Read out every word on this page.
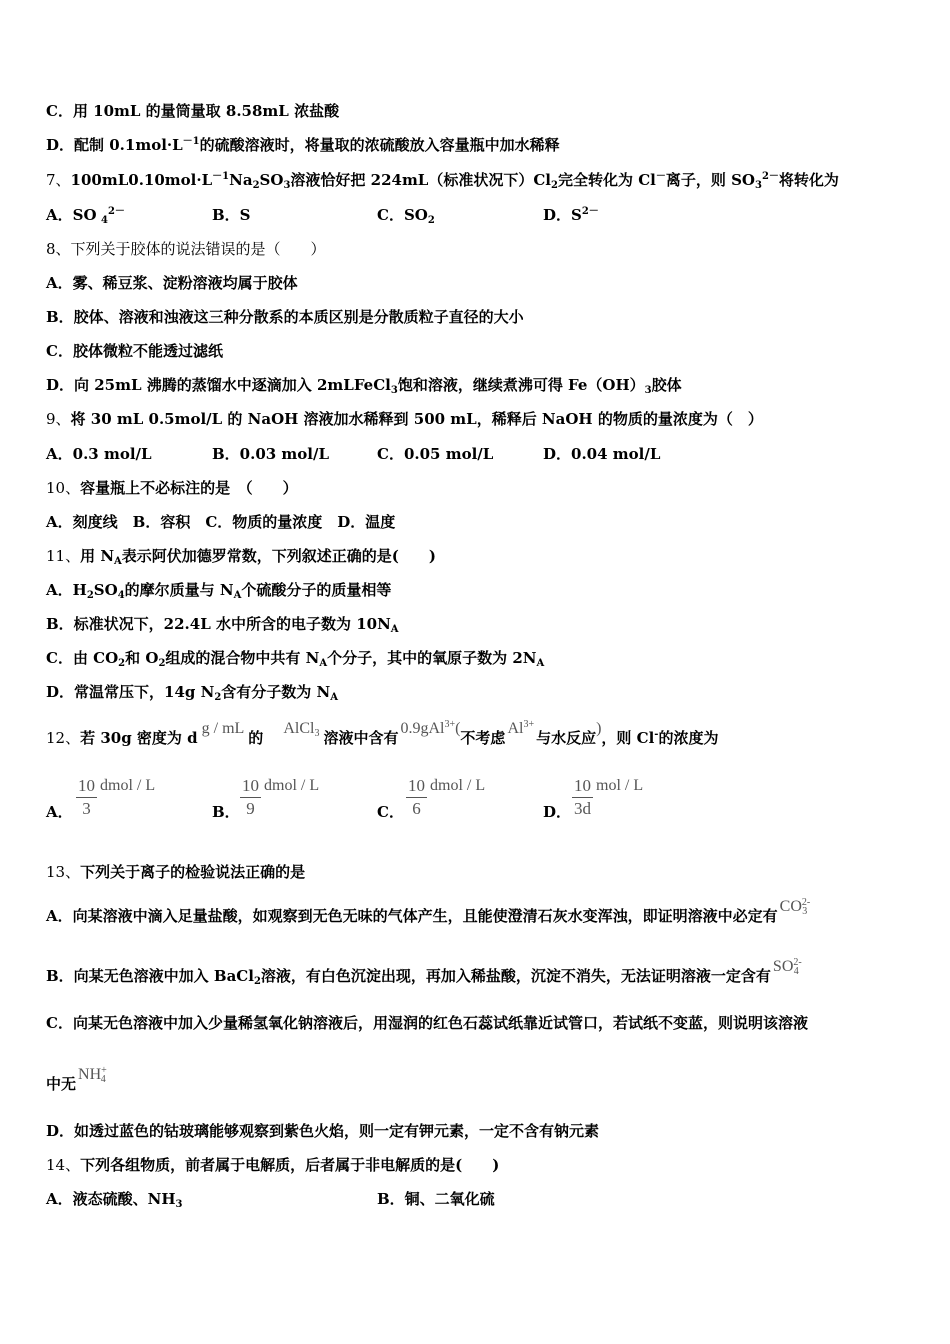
C．用 10mL 的量筒量取 8.58mL 浓盐酸
D．配制 $0.1mol\cdot L^{-1}$的硫酸溶液时，将量取的浓硫酸放入容量瓶中加水稀释
7、$100mL0.10mol\cdot L^{-1}Na_2SO_3$溶液恰好把 224mL（标准状况下）$Cl_2$完全转化为 Cl－离子，则 $SO_3^{2-}$将转化为
A．SO $_4^{2-}$	B．S	C．$SO_2$	D．$S^{2-}$
8、下列关于胶体的说法错误的是（　　）
A．雾、稀豆浆、淀粉溶液均属于胶体
B．胶体、溶液和浊液这三种分散系的本质区别是分散质粒子直径的大小
C．胶体微粒不能透过滤纸
D．向 25mL 沸腾的蒸馏水中逐滴加入 2mLFeCl$_3$饱和溶液，继续煮沸可得 $Fe(OH)_3$胶体
9、将 30 mL 0.5mol/L 的 NaOH 溶液加水稀释到 500 mL，稀释后 NaOH 的物质的量浓度为（　）
A．0.3 mol/L	B．0.03 mol/L	C．0.05 mol/L	D．0.04 mol/L
10、容量瓶上不必标注的是　（　　）
A．刻度线　B．容积　C．物质的量浓度　D．温度
11、用 $N_A$表示阿伏加德罗常数，下列叙述正确的是(　　)
A．$H_2SO_4$的摩尔质量与 $N_A$个硫酸分子的质量相等
B．标准状况下，22.4L 水中所含的电子数为 $10N_A$
C．由 $CO_2$和 $O_2$组成的混合物中共有 $N_A$个分子，其中的氧原子数为 $2N_A$
D．常温常压下，14g $N_2$含有分子数为 $N_A$
12、若 30g 密度为 dg / mL的AlCl$_3$ 溶液中含有0.9gAl$^{3+}$(不考虑$Al^{3+}$与水反应)，则 Cl-的浓度为
A． $\frac{10}{3}$ dmol / L
B． $\frac{10}{9}$ dmol / L
C． $\frac{10}{6}$ dmol / L
D． $\frac{10}{3d}$ mol / L
13、下列关于离子的检验说法正确的是
A．向某溶液中滴入足量盐酸，如观察到无色无味的气体产生，且能使澄清石灰水变浑浊，即证明溶液中必定有$CO^{2-}_3$
B．向某无色溶液中加入 BaCl$_2$溶液，有白色沉淀出现，再加入稀盐酸，沉淀不消失，无法证明溶液一定含有$SO^{2-}_4$
C．向某无色溶液中加入少量稀氢氧化钠溶液后，用湿润的红色石蕊试纸靠近试管口，若试纸不变蓝，则说明该溶液
中无$NH^+_4$
D．如透过蓝色的钴玻璃能够观察到紫色火焰，则一定有钾元素，一定不含有钠元素
14、下列各组物质，前者属于电解质，后者属于非电解质的是(　　)
A．液态硫酸、$NH_3$	B．铜、二氧化硫
